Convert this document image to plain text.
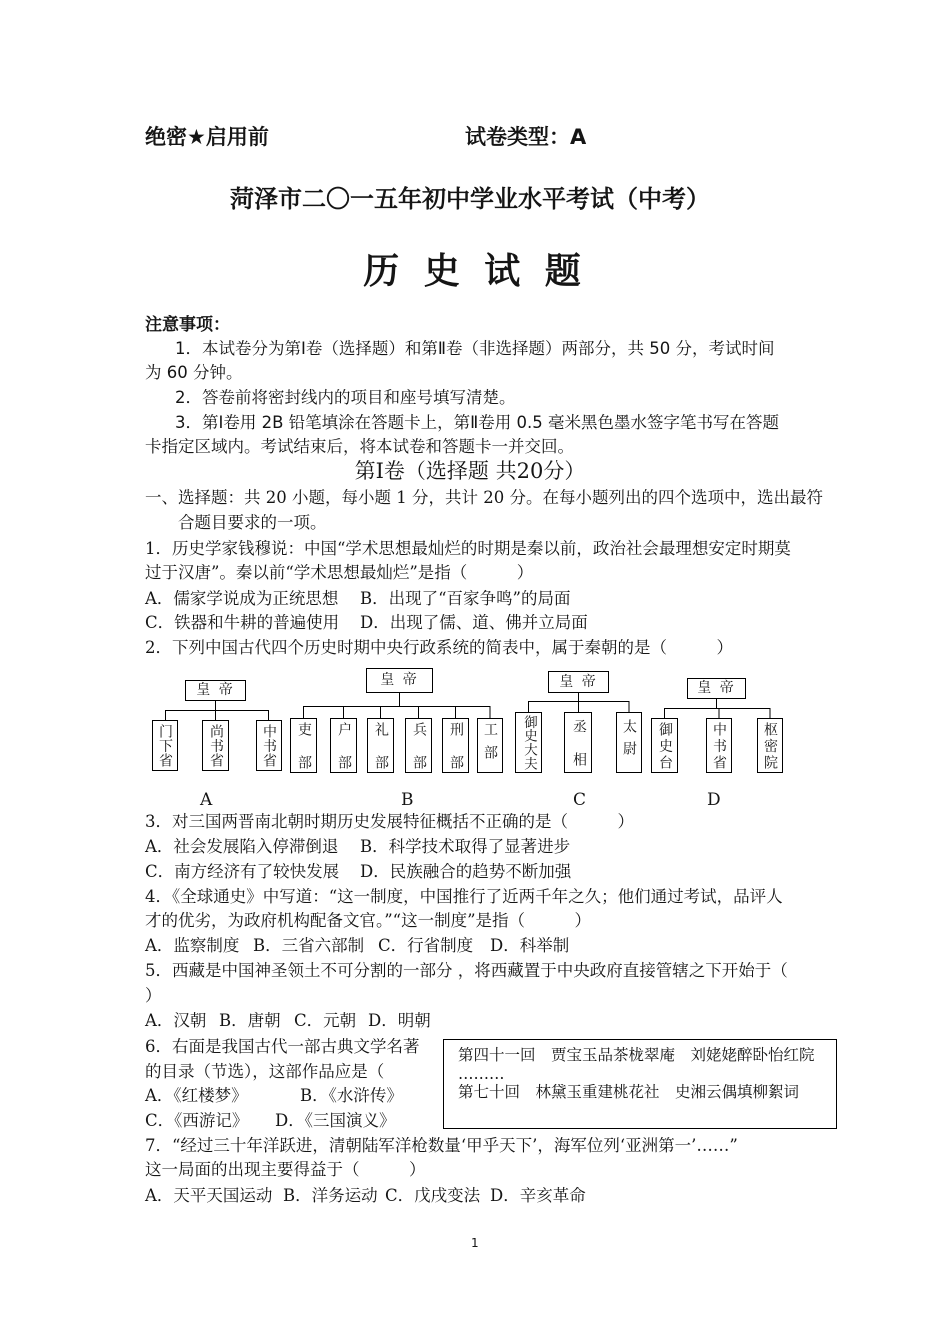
绝密★启用前	试卷类型：A
菏泽市二〇一五年初中学业水平考试（中考）
历 史 试 题
注意事项：
1．本试卷分为第Ⅰ卷（选择题）和第Ⅱ卷（非选择题）两部分，共 50 分，考试时间
为 60 分钟。
2．答卷前将密封线内的项目和座号填写清楚。
3．第Ⅰ卷用 2B 铅笔填涂在答题卡上，第Ⅱ卷用 0.5 毫米黑色墨水签字笔书写在答题
卡指定区域内。考试结束后，将本试卷和答题卡一并交回。
第Ⅰ卷（选择题 共20分）
一、选择题：共 20 小题，每小题 1 分，共计 20 分。在每小题列出的四个选项中，选出最符
合题目要求的一项。
1．历史学家钱穆说：中国“学术思想最灿烂的时期是秦以前，政治社会最理想安定时期莫
过于汉唐”。秦以前“学术思想最灿烂”是指（　　　）
A．儒家学说成为正统思想 B．出现了“百家争鸣”的局面
C．铁器和牛耕的普遍使用 D．出现了儒、道、佛并立局面
2．下列中国古代四个历史时期中央行政系统的简表中，属于秦朝的是（　　　）
皇 帝
门下省	尚书省	中书省
A
皇 帝
吏部	户部	礼部	兵部	刑部	工部
B
皇 帝
御史大夫	丞相	太尉
C
皇 帝
御史台	中书省	枢密院
D
3．对三国两晋南北朝时期历史发展特征概括不正确的是（　　　）
A．社会发展陷入停滞倒退 B．科学技术取得了显著进步
C．南方经济有了较快发展 D．民族融合的趋势不断加强
4．《全球通史》中写道：“这一制度，中国推行了近两千年之久；他们通过考试，品评人
才的优劣，为政府机构配备文官。”“这一制度”是指（　　　）
A．监察制度 B．三省六部制 C．行省制度 D．科举制
5．西藏是中国神圣领土不可分割的一部分 ，将西藏置于中央政府直接管辖之下开始于（
）
A．汉朝 B．唐朝 C．元朝 D．明朝
6．右面是我国古代一部古典文学名著
的目录（节选），这部作品应是（
A．《红楼梦》	B．《水浒传》
C．《西游记》 D．《三国演义》
第四十一回　贾宝玉品茶栊翠庵　刘姥姥醉卧怡红院
………
第七十回　林黛玉重建桃花社　史湘云偶填柳絮词
7．“经过三十年洋跃进，清朝陆军洋枪数量‘甲乎天下’，海军位列‘亚洲第一’……”
这一局面的出现主要得益于（　　　）
A．天平天国运动 B．洋务运动 C．戊戌变法 D．辛亥革命
1
